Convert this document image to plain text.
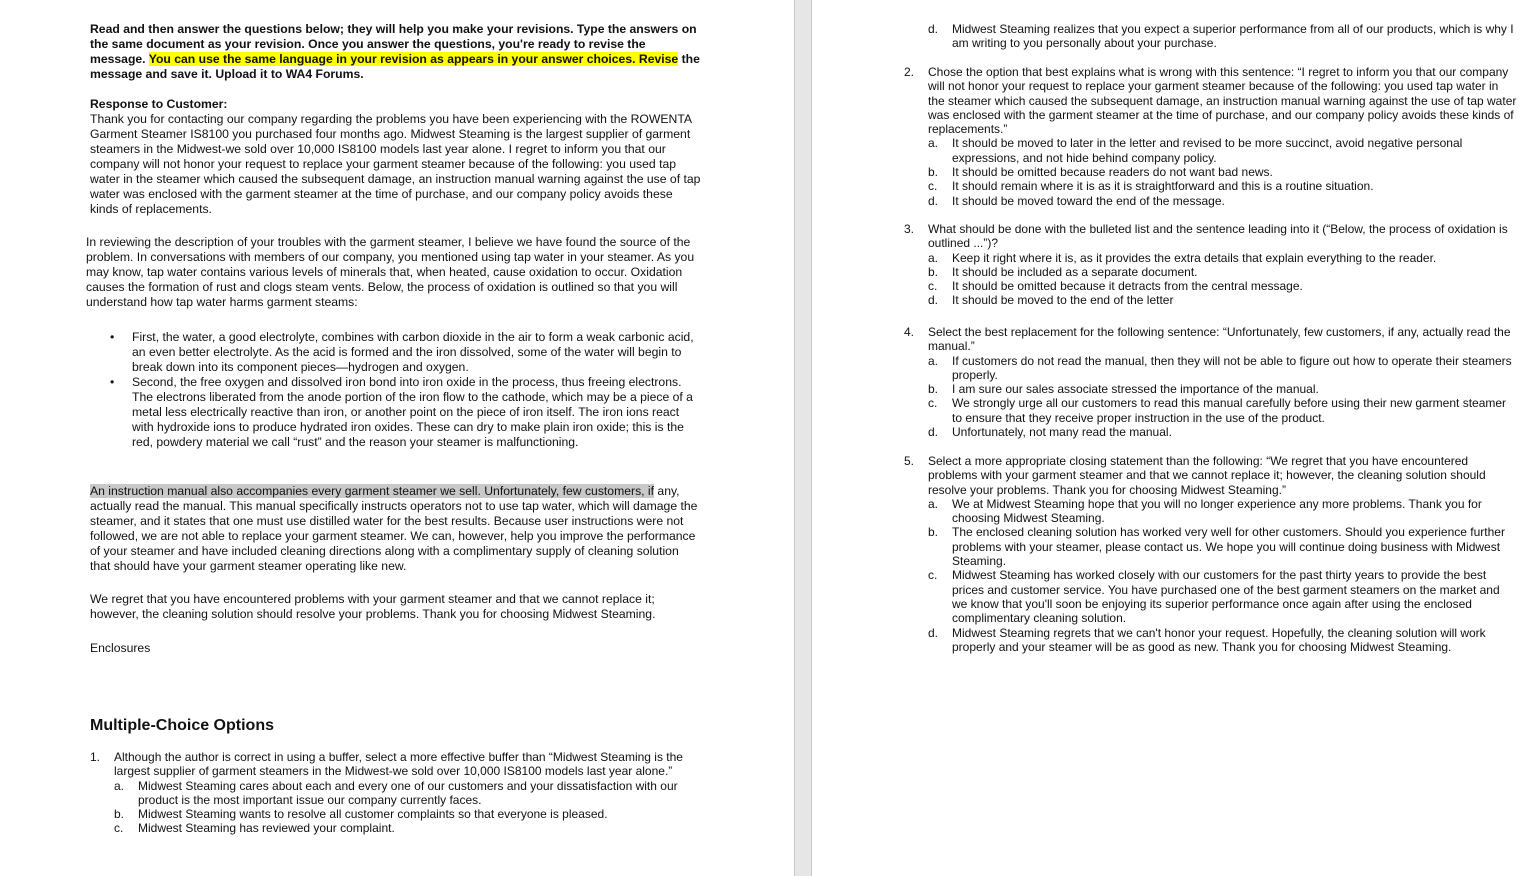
Read and then answer the questions below; they will help you make your revisions. Type the answers on the same document as your revision. Once you answer the questions, you're ready to revise the message. You can use the same language in your revision as appears in your answer choices. Revise the message and save it. Upload it to WA4 Forums.
Response to Customer:
Thank you for contacting our company regarding the problems you have been experiencing with the ROWENTA Garment Steamer IS8100 you purchased four months ago. Midwest Steaming is the largest supplier of garment steamers in the Midwest-we sold over 10,000 IS8100 models last year alone. I regret to inform you that our company will not honor your request to replace your garment steamer because of the following: you used tap water in the steamer which caused the subsequent damage, an instruction manual warning against the use of tap water was enclosed with the garment steamer at the time of purchase, and our company policy avoids these kinds of replacements.
In reviewing the description of your troubles with the garment steamer, I believe we have found the source of the problem. In conversations with members of our company, you mentioned using tap water in your steamer. As you may know, tap water contains various levels of minerals that, when heated, cause oxidation to occur. Oxidation causes the formation of rust and clogs steam vents. Below, the process of oxidation is outlined so that you will understand how tap water harms garment steams:
• First, the water, a good electrolyte, combines with carbon dioxide in the air to form a weak carbonic acid, an even better electrolyte. As the acid is formed and the iron dissolved, some of the water will begin to break down into its component pieces—hydrogen and oxygen.
• Second, the free oxygen and dissolved iron bond into iron oxide in the process, thus freeing electrons. The electrons liberated from the anode portion of the iron flow to the cathode, which may be a piece of a metal less electrically reactive than iron, or another point on the piece of iron itself. The iron ions react with hydroxide ions to produce hydrated iron oxides. These can dry to make plain iron oxide; this is the red, powdery material we call “rust” and the reason your steamer is malfunctioning.
An instruction manual also accompanies every garment steamer we sell. Unfortunately, few customers, if any, actually read the manual. This manual specifically instructs operators not to use tap water, which will damage the steamer, and it states that one must use distilled water for the best results. Because user instructions were not followed, we are not able to replace your garment steamer. We can, however, help you improve the performance of your steamer and have included cleaning directions along with a complimentary supply of cleaning solution that should have your garment steamer operating like new.
We regret that you have encountered problems with your garment steamer and that we cannot replace it; however, the cleaning solution should resolve your problems. Thank you for choosing Midwest Steaming.
Enclosures
Multiple-Choice Options
1. Although the author is correct in using a buffer, select a more effective buffer than “Midwest Steaming is the largest supplier of garment steamers in the Midwest-we sold over 10,000 IS8100 models last year alone.”
a. Midwest Steaming cares about each and every one of our customers and your dissatisfaction with our product is the most important issue our company currently faces.
b. Midwest Steaming wants to resolve all customer complaints so that everyone is pleased.
c. Midwest Steaming has reviewed your complaint.
d. Midwest Steaming realizes that you expect a superior performance from all of our products, which is why I am writing to you personally about your purchase.
2. Chose the option that best explains what is wrong with this sentence: “I regret to inform you that our company will not honor your request to replace your garment steamer because of the following: you used tap water in the steamer which caused the subsequent damage, an instruction manual warning against the use of tap water was enclosed with the garment steamer at the time of purchase, and our company policy avoids these kinds of replacements.”
a. It should be moved to later in the letter and revised to be more succinct, avoid negative personal expressions, and not hide behind company policy.
b. It should be omitted because readers do not want bad news.
c. It should remain where it is as it is straightforward and this is a routine situation.
d. It should be moved toward the end of the message.
3. What should be done with the bulleted list and the sentence leading into it (“Below, the process of oxidation is outlined ...”)?
a. Keep it right where it is, as it provides the extra details that explain everything to the reader.
b. It should be included as a separate document.
c. It should be omitted because it detracts from the central message.
d. It should be moved to the end of the letter
4. Select the best replacement for the following sentence: “Unfortunately, few customers, if any, actually read the manual.”
a. If customers do not read the manual, then they will not be able to figure out how to operate their steamers properly.
b. I am sure our sales associate stressed the importance of the manual.
c. We strongly urge all our customers to read this manual carefully before using their new garment steamer to ensure that they receive proper instruction in the use of the product.
d. Unfortunately, not many read the manual.
5. Select a more appropriate closing statement than the following: “We regret that you have encountered problems with your garment steamer and that we cannot replace it; however, the cleaning solution should resolve your problems. Thank you for choosing Midwest Steaming.”
a. We at Midwest Steaming hope that you will no longer experience any more problems. Thank you for choosing Midwest Steaming.
b. The enclosed cleaning solution has worked very well for other customers. Should you experience further problems with your steamer, please contact us. We hope you will continue doing business with Midwest Steaming.
c. Midwest Steaming has worked closely with our customers for the past thirty years to provide the best prices and customer service. You have purchased one of the best garment steamers on the market and we know that you'll soon be enjoying its superior performance once again after using the enclosed complimentary cleaning solution.
d. Midwest Steaming regrets that we can't honor your request. Hopefully, the cleaning solution will work properly and your steamer will be as good as new. Thank you for choosing Midwest Steaming.
